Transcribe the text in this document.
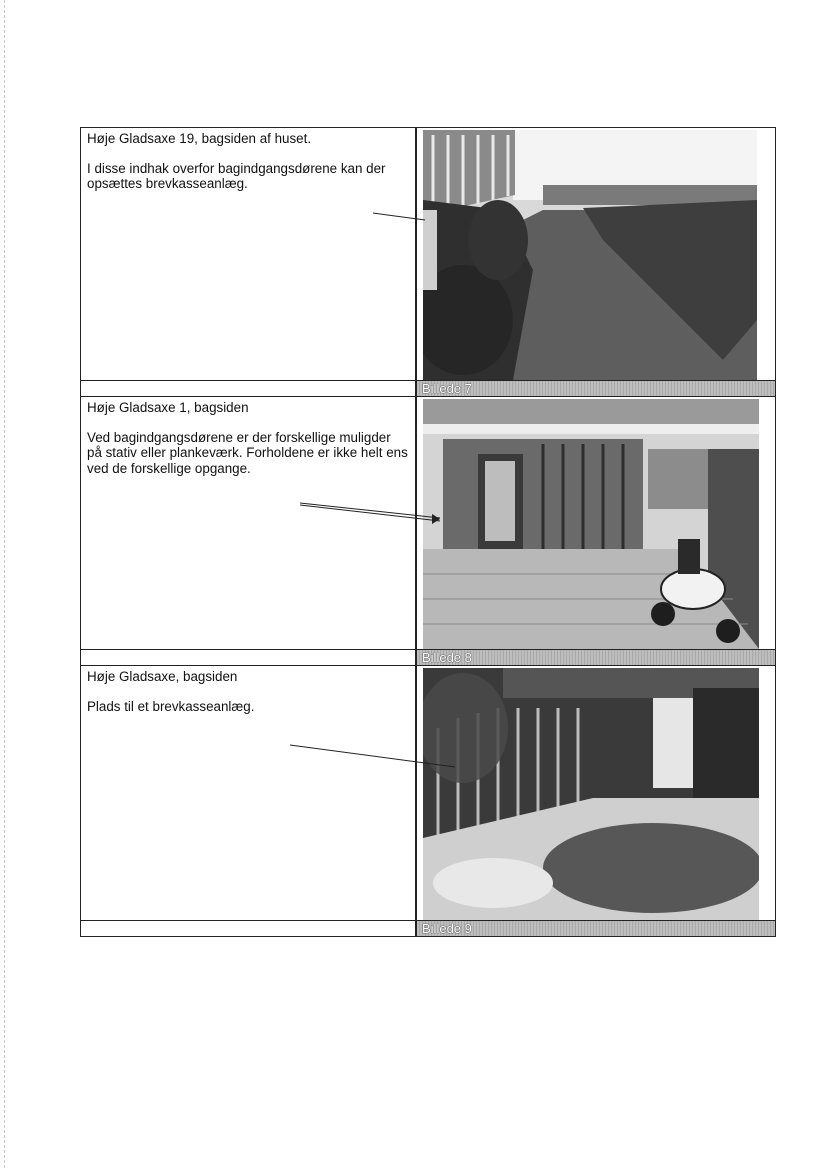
Høje Gladsaxe 19, bagsiden af huset.

I disse indhak overfor bagindgangsdørene kan der opsættes brevkasseanlæg.

Billede 7

Høje Gladsaxe 1, bagsiden

Ved bagindgangsdørene er der forskellige muligder på stativ eller plankeværk. Forholdene er ikke helt ens ved de forskellige opgange.

Billede 8

Høje Gladsaxe, bagsiden

Plads til et brevkasseanlæg.

Billede 9
